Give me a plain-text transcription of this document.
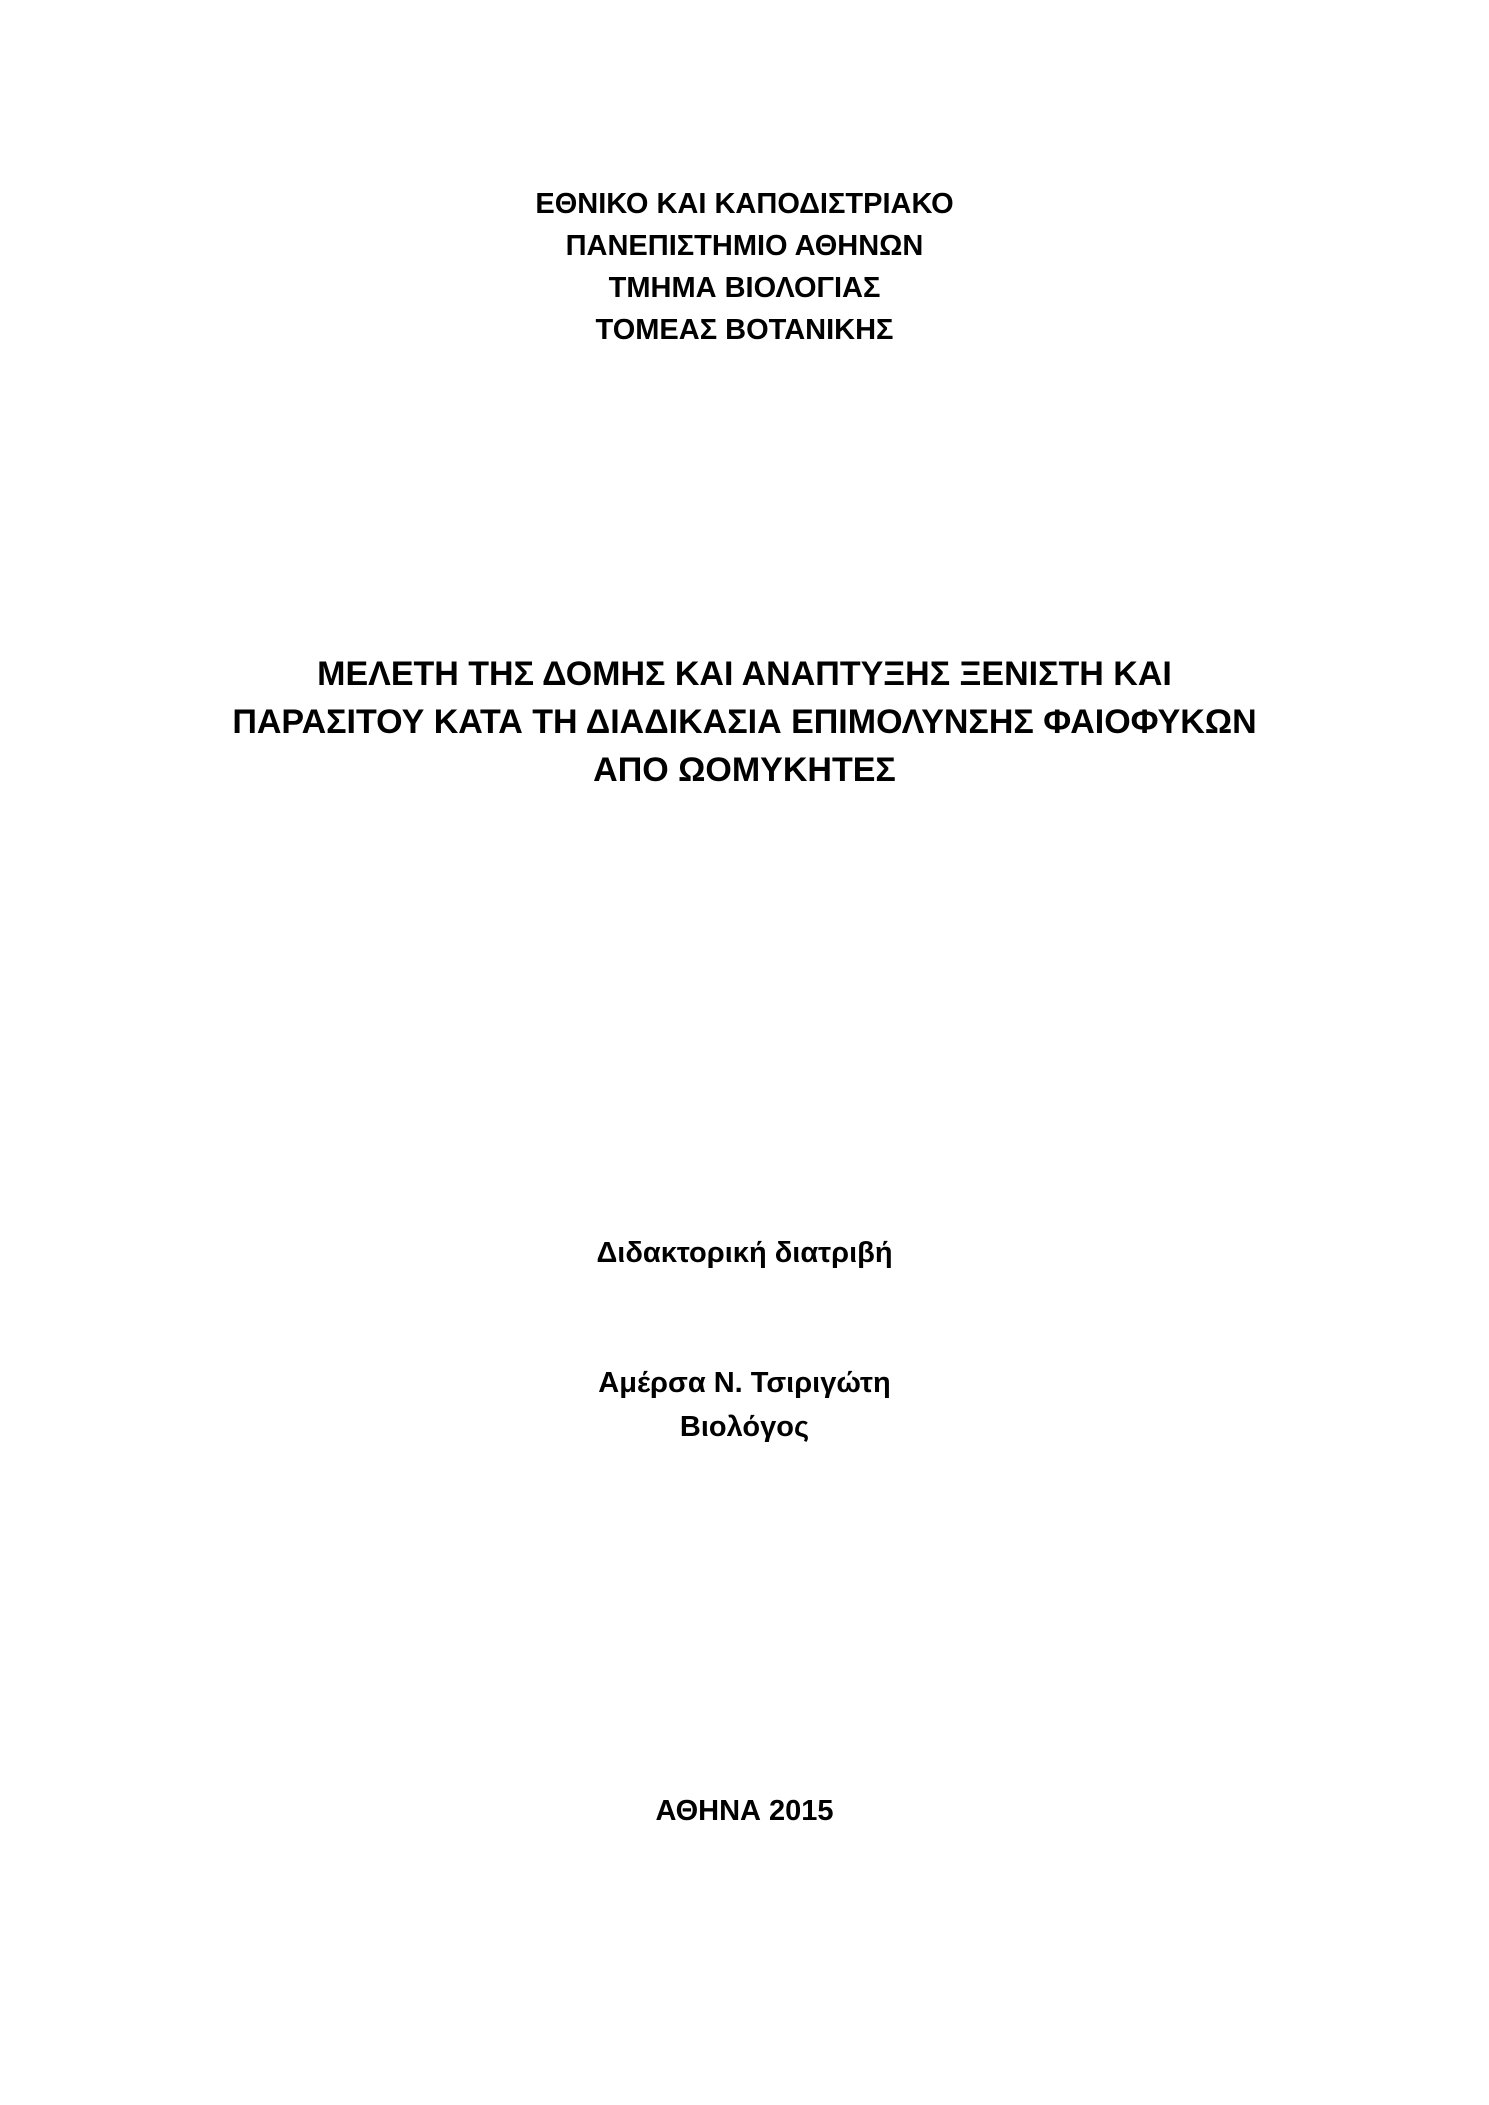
ΕΘΝΙΚΟ ΚΑΙ ΚΑΠΟΔΙΣΤΡΙΑΚΟ
ΠΑΝΕΠΙΣΤΗΜΙΟ ΑΘΗΝΩΝ
ΤΜΗΜΑ ΒΙΟΛΟΓΙΑΣ
ΤΟΜΕΑΣ ΒΟΤΑΝΙΚΗΣ
ΜΕΛΕΤΗ ΤΗΣ ΔΟΜΗΣ ΚΑΙ ΑΝΑΠΤΥΞΗΣ ΞΕΝΙΣΤΗ ΚΑΙ
ΠΑΡΑΣΙΤΟΥ ΚΑΤΑ ΤΗ ΔΙΑΔΙΚΑΣΙΑ ΕΠΙΜΟΛΥΝΣΗΣ ΦΑΙΟΦΥΚΩΝ
ΑΠΟ ΩΟΜΥΚΗΤΕΣ
Διδακτορική διατριβή
Αμέρσα Ν. Τσιριγώτη
Βιολόγος
ΑΘΗΝΑ 2015
